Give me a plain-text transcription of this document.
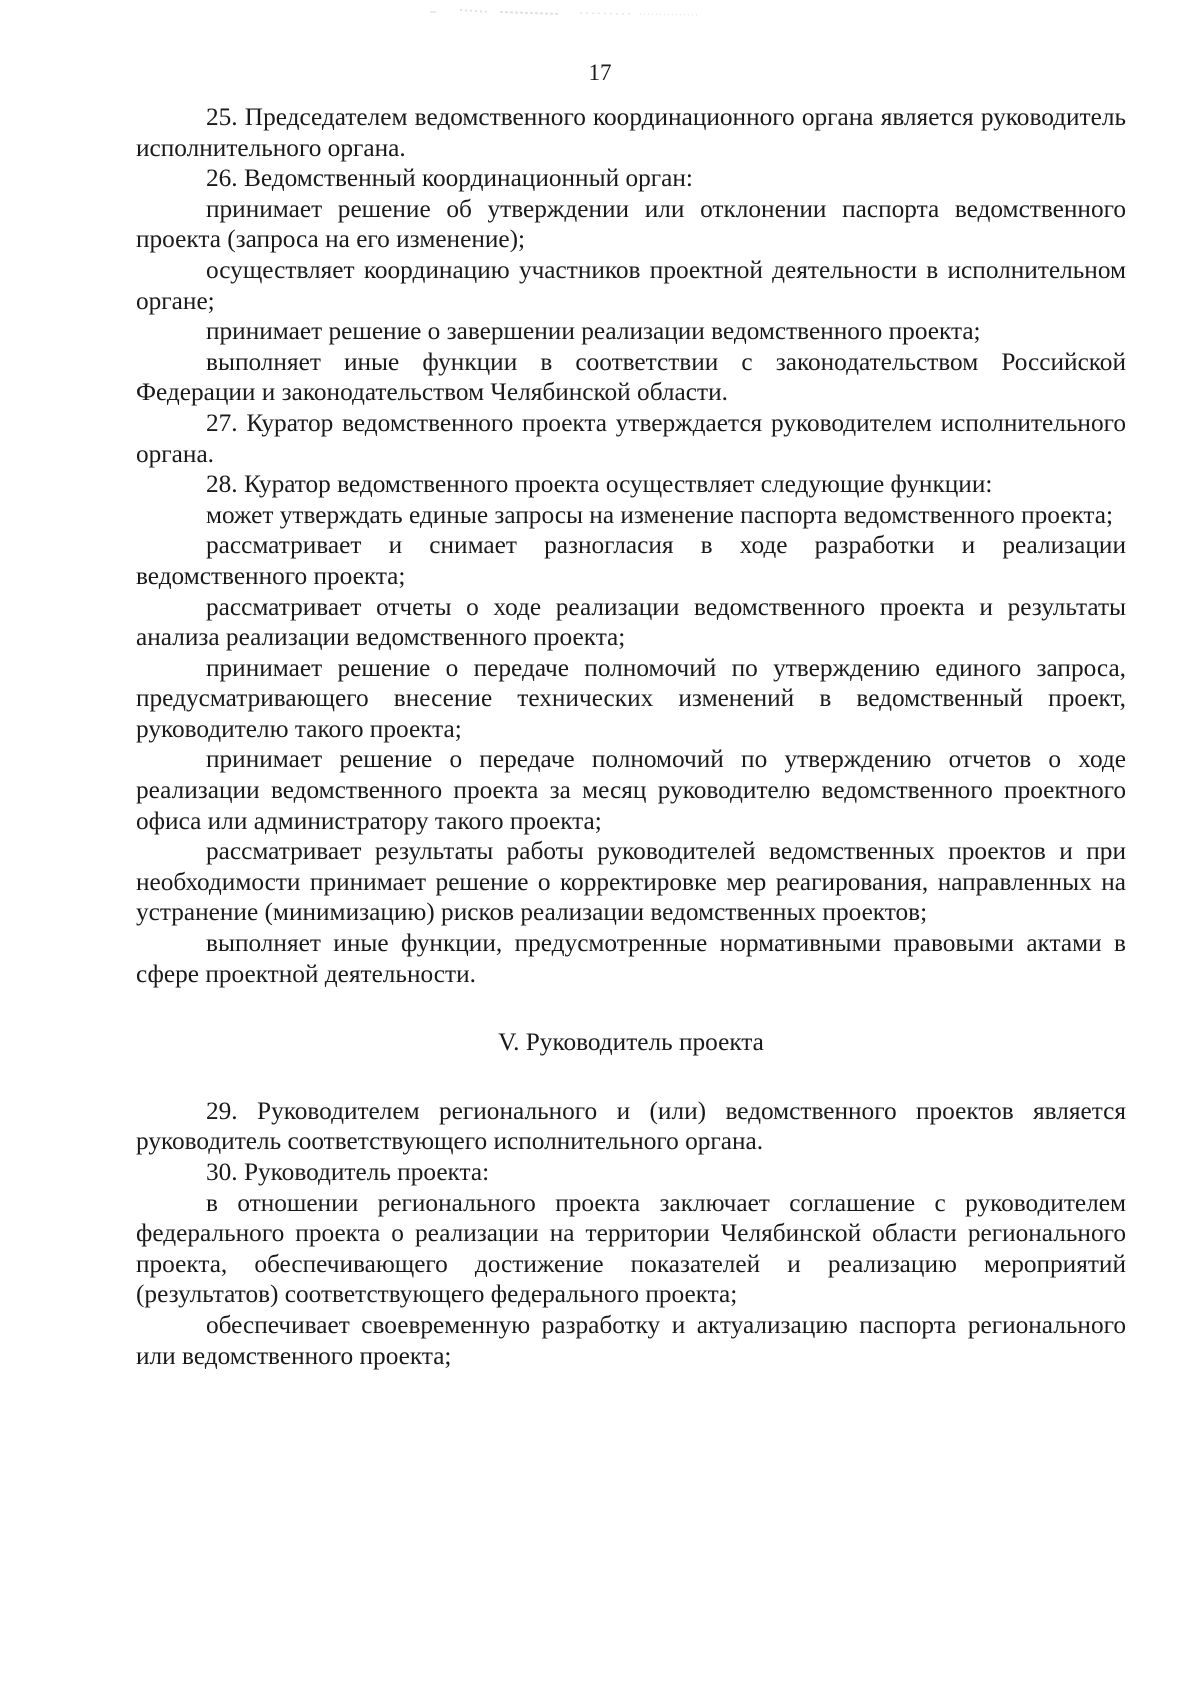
17

25. Председателем ведомственного координационного органа является руководитель исполнительного органа.

26. Ведомственный координационный орган:

принимает решение об утверждении или отклонении паспорта ведомственного проекта (запроса на его изменение);

осуществляет координацию участников проектной деятельности в исполнительном органе;

принимает решение о завершении реализации ведомственного проекта;

выполняет иные функции в соответствии с законодательством Российской Федерации и законодательством Челябинской области.

27. Куратор ведомственного проекта утверждается руководителем исполнительного органа.

28. Куратор ведомственного проекта осуществляет следующие функции:

может утверждать единые запросы на изменение паспорта ведомственного проекта;

рассматривает и снимает разногласия в ходе разработки и реализации ведомственного проекта;

рассматривает отчеты о ходе реализации ведомственного проекта и результаты анализа реализации ведомственного проекта;

принимает решение о передаче полномочий по утверждению единого запроса, предусматривающего внесение технических изменений в ведомственный проект, руководителю такого проекта;

принимает решение о передаче полномочий по утверждению отчетов о ходе реализации ведомственного проекта за месяц руководителю ведомственного проектного офиса или администратору такого проекта;

рассматривает результаты работы руководителей ведомственных проектов и при необходимости принимает решение о корректировке мер реагирования, направленных на устранение (минимизацию) рисков реализации ведомственных проектов;

выполняет иные функции, предусмотренные нормативными правовыми актами в сфере проектной деятельности.

V. Руководитель проекта

29. Руководителем регионального и (или) ведомственного проектов является руководитель соответствующего исполнительного органа.

30. Руководитель проекта:

в отношении регионального проекта заключает соглашение с руководителем федерального проекта о реализации на территории Челябинской области регионального проекта, обеспечивающего достижение показателей и реализацию мероприятий (результатов) соответствующего федерального проекта;

обеспечивает своевременную разработку и актуализацию паспорта регионального или ведомственного проекта;
